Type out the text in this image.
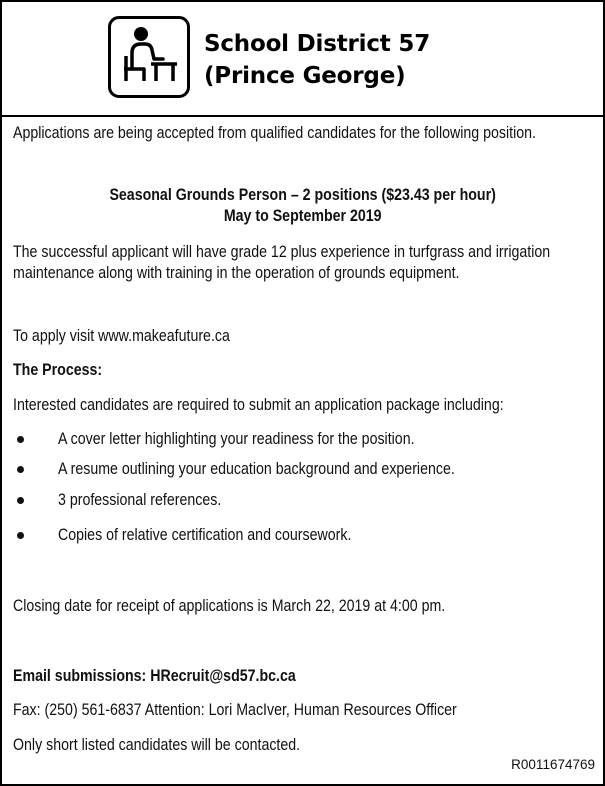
School District 57
(Prince George)
Applications are being accepted from qualified candidates for the following position.
Seasonal Grounds Person – 2 positions ($23.43 per hour)
May to September 2019
The successful applicant will have grade 12 plus experience in turfgrass and irrigation maintenance along with training in the operation of grounds equipment.
To apply visit www.makeafuture.ca
The Process:
Interested candidates are required to submit an application package including:
A cover letter highlighting your readiness for the position.
A resume outlining your education background and experience.
3 professional references.
Copies of relative certification and coursework.
Closing date for receipt of applications is March 22, 2019 at 4:00 pm.
Email submissions: HRecruit@sd57.bc.ca
Fax: (250) 561-6837 Attention: Lori MacIver, Human Resources Officer
Only short listed candidates will be contacted.
R0011674769
